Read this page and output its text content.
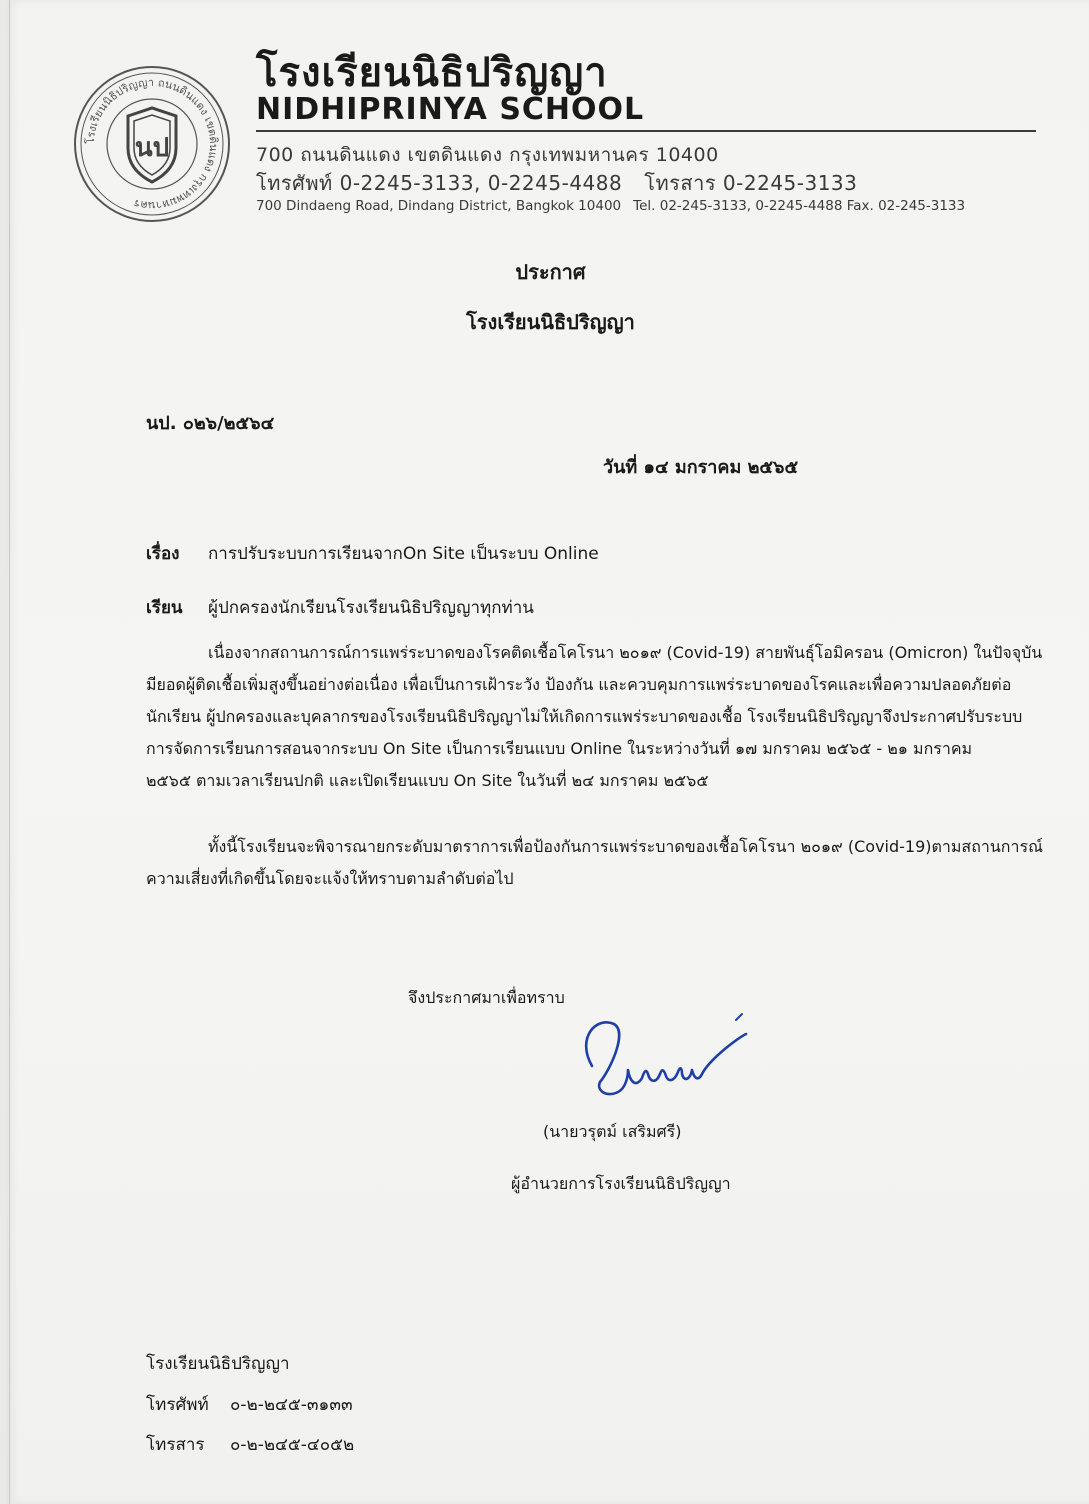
โรงเรียนนิธิปริญญา ถนนดินแดง เขตดินแดง กรุงเทพมหานคร
นป
โรงเรียนนิธิปริญญา
NIDHIPRINYA SCHOOL
700 ถนนดินแดง เขตดินแดง กรุงเทพมหานคร 10400
โทรศัพท์ 0-2245-3133, 0-2245-4488 โทรสาร 0-2245-3133
700 Dindaeng Road, Dindang District, Bangkok 10400 Tel. 02-245-3133, 0-2245-4488 Fax. 02-245-3133
ประกาศ
โรงเรียนนิธิปริญญา
นป. ๐๒๖/๒๕๖๔
วันที่ ๑๔ มกราคม ๒๕๖๕
เรื่อง การปรับระบบการเรียนจากOn Site เป็นระบบ Online
เรียน ผู้ปกครองนักเรียนโรงเรียนนิธิปริญญาทุกท่าน
เนื่องจากสถานการณ์การแพร่ระบาดของโรคติดเชื้อโคโรนา ๒๐๑๙ (Covid-19) สายพันธุ์โอมิครอน (Omicron) ในปัจจุบัน
มียอดผู้ติดเชื้อเพิ่มสูงขึ้นอย่างต่อเนื่อง เพื่อเป็นการเฝ้าระวัง ป้องกัน และควบคุมการแพร่ระบาดของโรคและเพื่อความปลอดภัยต่อ
นักเรียน ผู้ปกครองและบุคลากรของโรงเรียนนิธิปริญญาไม่ให้เกิดการแพร่ระบาดของเชื้อ โรงเรียนนิธิปริญญาจึงประกาศปรับระบบ
การจัดการเรียนการสอนจากระบบ On Site เป็นการเรียนแบบ Online ในระหว่างวันที่ ๑๗ มกราคม ๒๕๖๕ - ๒๑ มกราคม
๒๕๖๕ ตามเวลาเรียนปกติ และเปิดเรียนแบบ On Site ในวันที่ ๒๔ มกราคม ๒๕๖๕
ทั้งนี้โรงเรียนจะพิจารณายกระดับมาตราการเพื่อป้องกันการแพร่ระบาดของเชื้อโคโรนา ๒๐๑๙ (Covid-19)ตามสถานการณ์
ความเสี่ยงที่เกิดขึ้นโดยจะแจ้งให้ทราบตามลำดับต่อไป
จึงประกาศมาเพื่อทราบ
(นายวรุตม์ เสริมศรี)
ผู้อำนวยการโรงเรียนนิธิปริญญา
โรงเรียนนิธิปริญญา
โทรศัพท์ ๐-๒-๒๔๕-๓๑๓๓
โทรสาร ๐-๒-๒๔๕-๔๐๕๒
